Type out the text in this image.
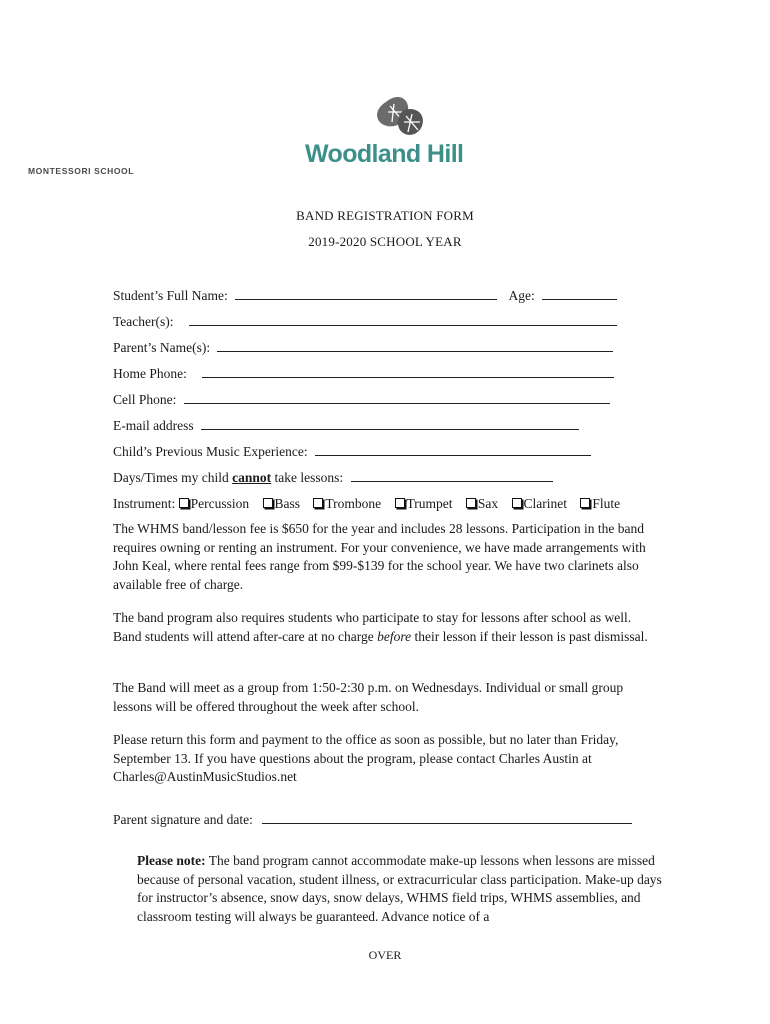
Woodland Hill
MONTESSORI SCHOOL
BAND REGISTRATION FORM
2019-2020 SCHOOL YEAR
Student’s Full Name:	Age:
Teacher(s):
Parent’s Name(s):
Home Phone:
Cell Phone:
E-mail address
Child’s Previous Music Experience:
Days/Times my child cannot take lessons:
Instrument: Percussion Bass Trombone Trumpet Sax Clarinet Flute
The WHMS band/lesson fee is $650 for the year and includes 28 lessons. Participation in the band requires owning or renting an instrument. For your convenience, we have made arrangements with John Keal, where rental fees range from $99-$139 for the school year. We have two clarinets also available free of charge.
The band program also requires students who participate to stay for lessons after school as well. Band students will attend after-care at no charge before their lesson if their lesson is past dismissal.
The Band will meet as a group from 1:50-2:30 p.m. on Wednesdays. Individual or small group lessons will be offered throughout the week after school.
Please return this form and payment to the office as soon as possible, but no later than Friday, September 13. If you have questions about the program, please contact Charles Austin at Charles@AustinMusicStudios.net
Parent signature and date:
Please note: The band program cannot accommodate make-up lessons when lessons are missed because of personal vacation, student illness, or extracurricular class participation. Make-up days for instructor’s absence, snow days, snow delays, WHMS field trips, WHMS assemblies, and classroom testing will always be guaranteed. Advance notice of a
OVER
